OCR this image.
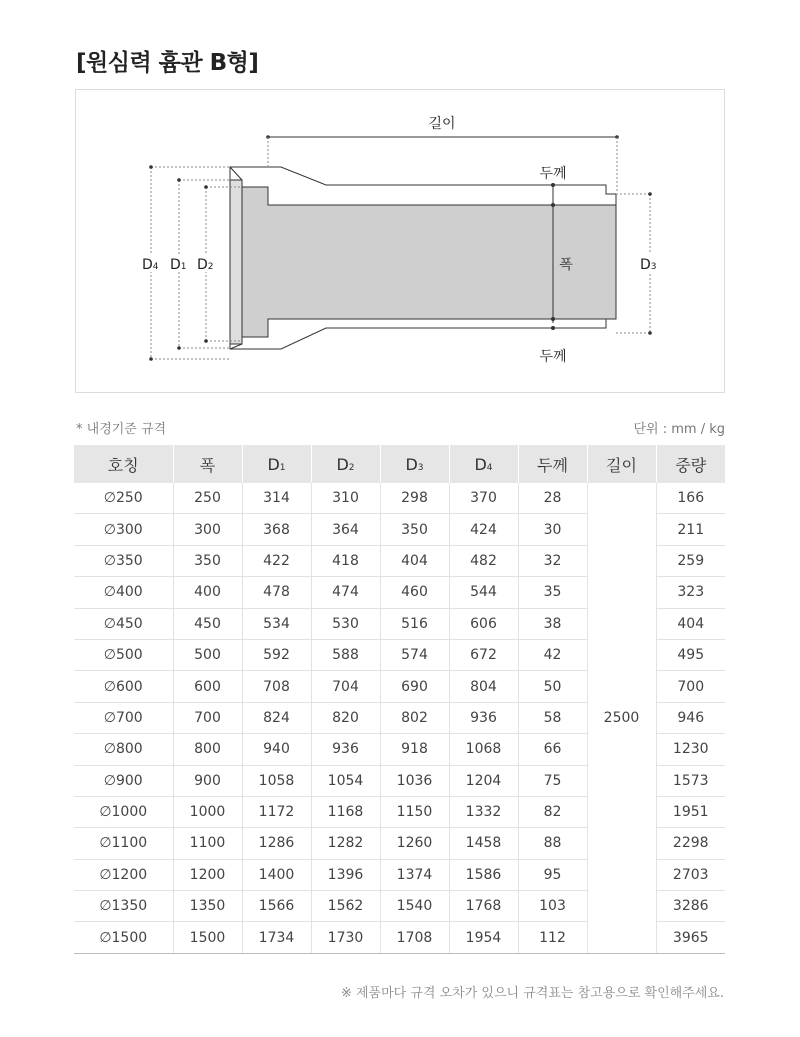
[원심력 흄관 B형]
길이
두께
폭
두께
D4 D1 D2	D3
* 내경기준 규격	단위 : mm / kg
호칭	폭	D1	D2	D3	D4	두께	길이	중량
∅250	250	314	310	298	370	28	2500	166
∅300	300	368	364	350	424	30		211
∅350	350	422	418	404	482	32		259
∅400	400	478	474	460	544	35		323
∅450	450	534	530	516	606	38		404
∅500	500	592	588	574	672	42		495
∅600	600	708	704	690	804	50		700
∅700	700	824	820	802	936	58		946
∅800	800	940	936	918	1068	66		1230
∅900	900	1058	1054	1036	1204	75		1573
∅1000	1000	1172	1168	1150	1332	82		1951
∅1100	1100	1286	1282	1260	1458	88		2298
∅1200	1200	1400	1396	1374	1586	95		2703
∅1350	1350	1566	1562	1540	1768	103		3286
∅1500	1500	1734	1730	1708	1954	112		3965
※ 제품마다 규격 오차가 있으니 규격표는 참고용으로 확인해주세요.
